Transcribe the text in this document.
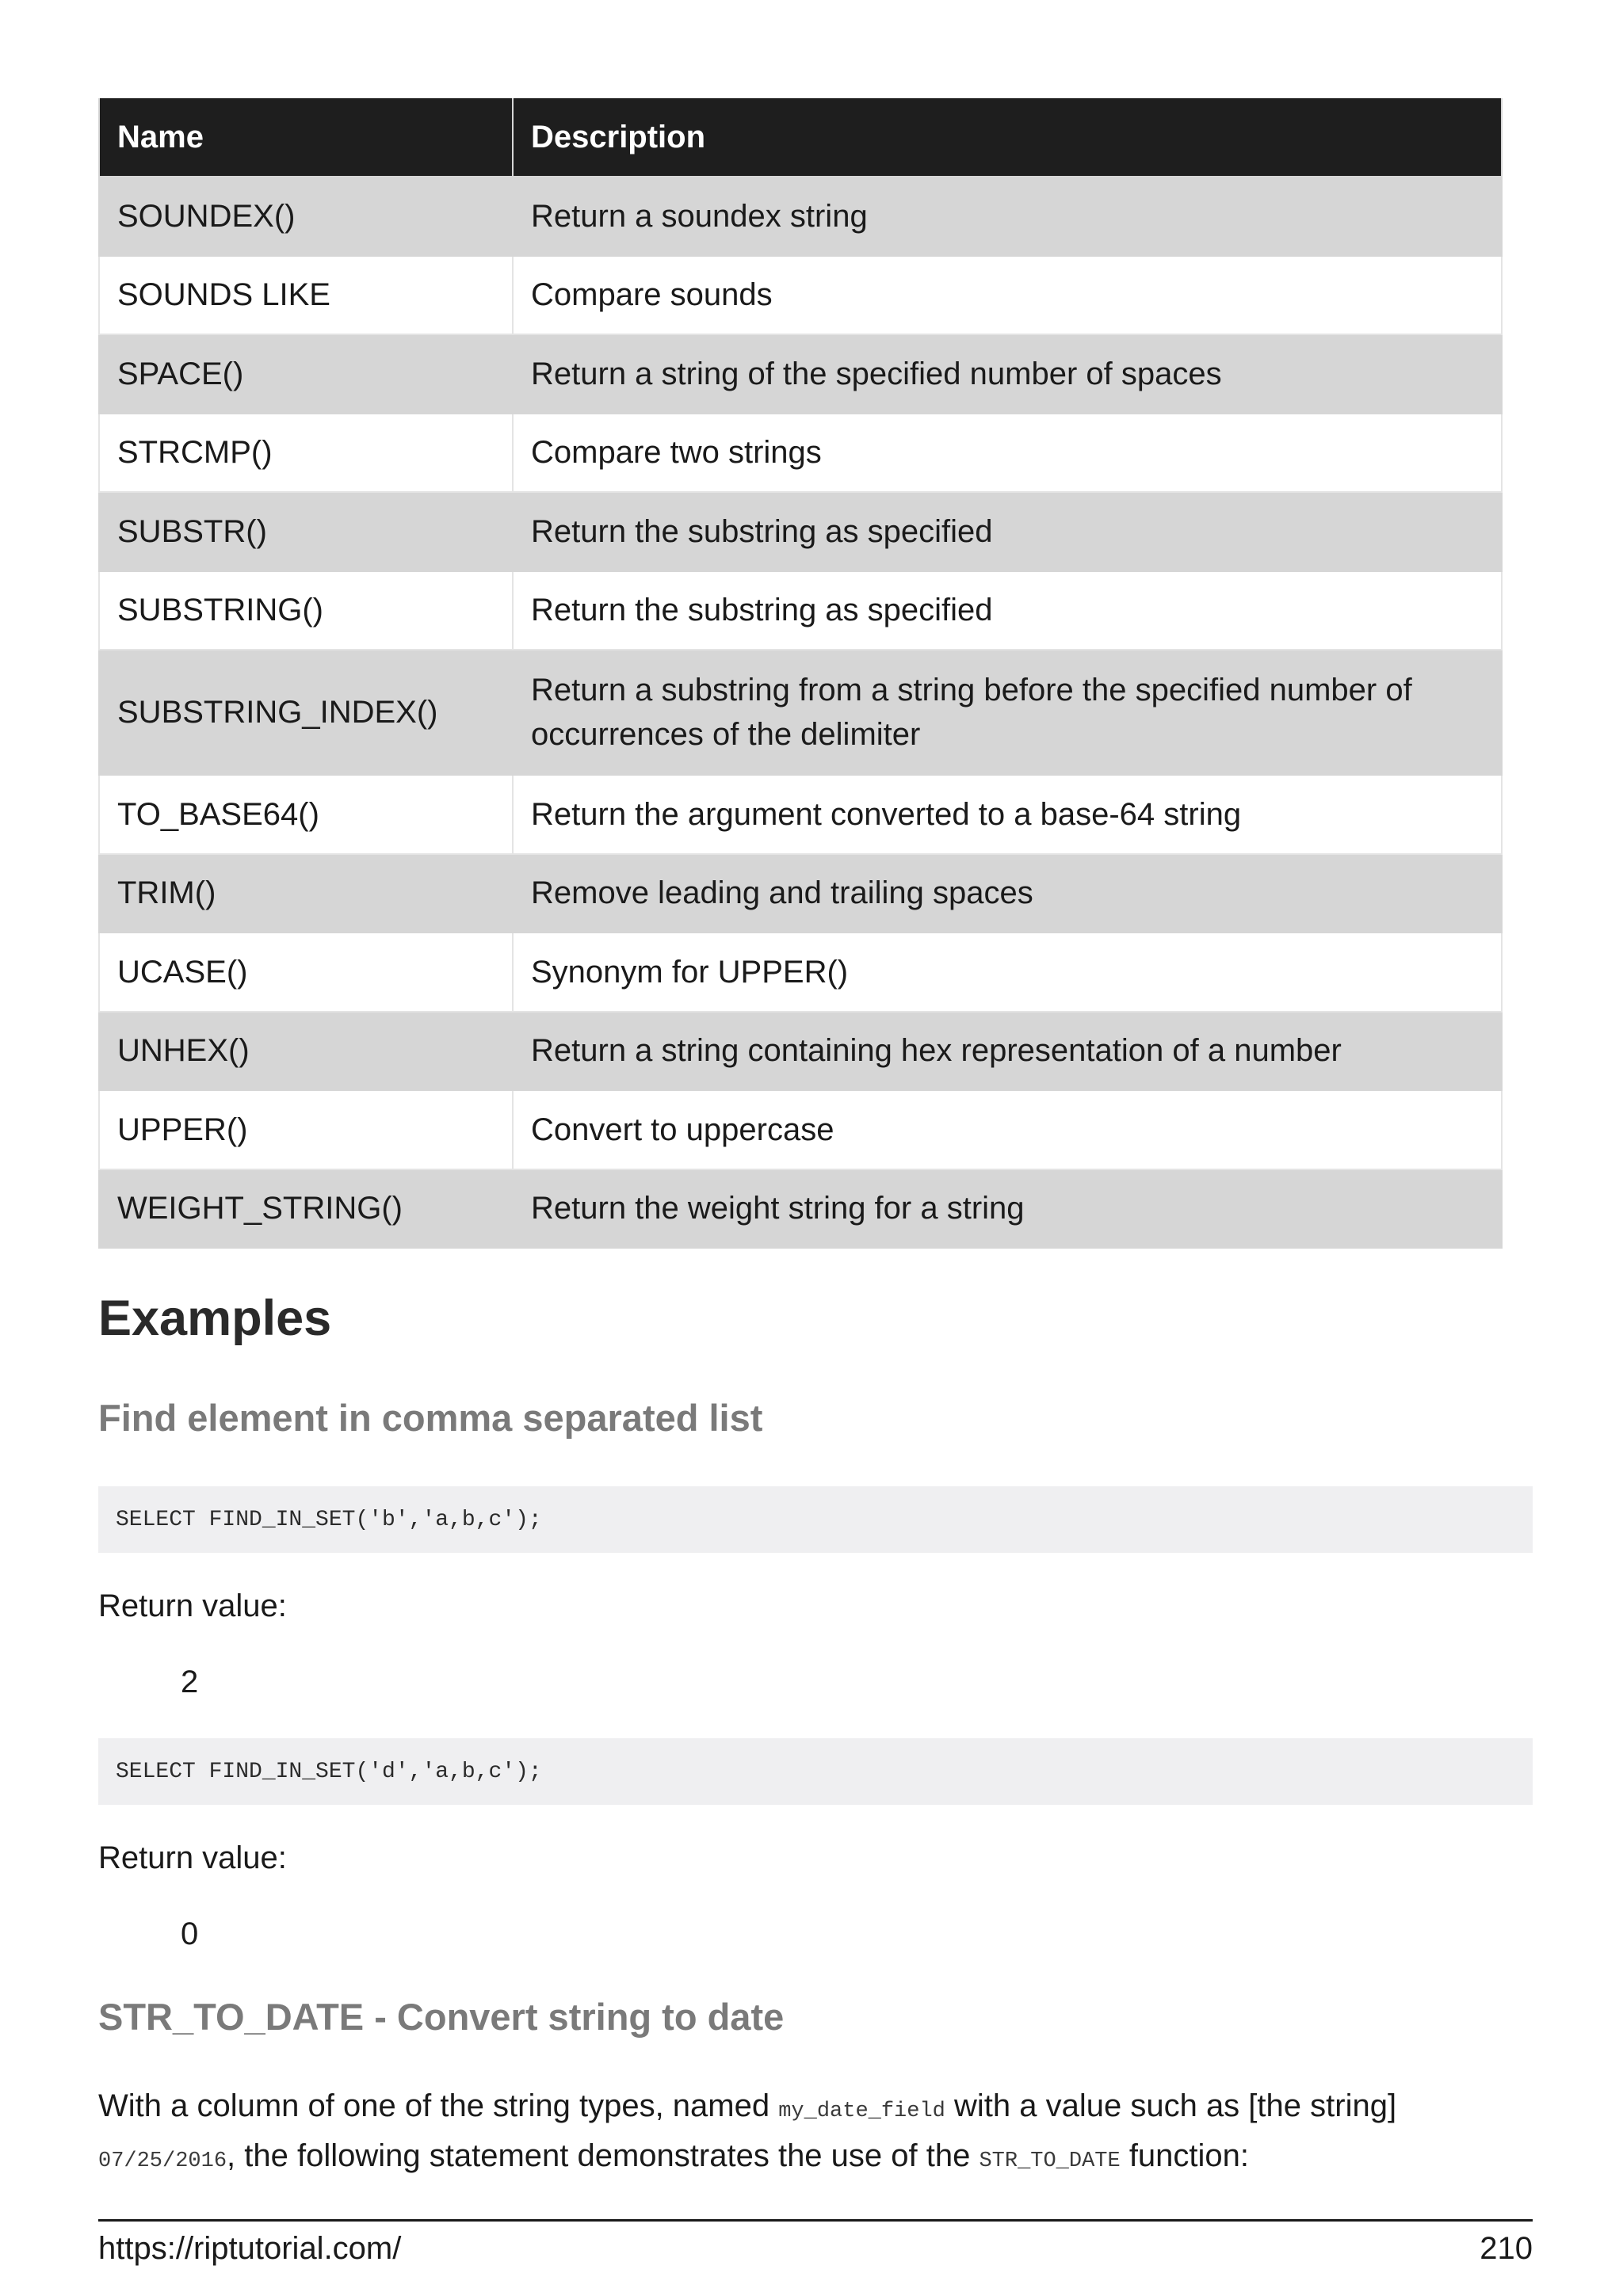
Name	Description
SOUNDEX()	Return a soundex string
SOUNDS LIKE	Compare sounds
SPACE()	Return a string of the specified number of spaces
STRCMP()	Compare two strings
SUBSTR()	Return the substring as specified
SUBSTRING()	Return the substring as specified
SUBSTRING_INDEX()	Return a substring from a string before the specified number of occurrences of the delimiter
TO_BASE64()	Return the argument converted to a base-64 string
TRIM()	Remove leading and trailing spaces
UCASE()	Synonym for UPPER()
UNHEX()	Return a string containing hex representation of a number
UPPER()	Convert to uppercase
WEIGHT_STRING()	Return the weight string for a string
Examples
Find element in comma separated list
SELECT FIND_IN_SET('b','a,b,c');

Return value:

2
SELECT FIND_IN_SET('d','a,b,c');

Return value:

0
STR_TO_DATE - Convert string to date

With a column of one of the string types, named my_date_field with a value such as [the string]
07/25/2016, the following statement demonstrates the use of the STR_TO_DATE function:

https://riptutorial.com/	210
